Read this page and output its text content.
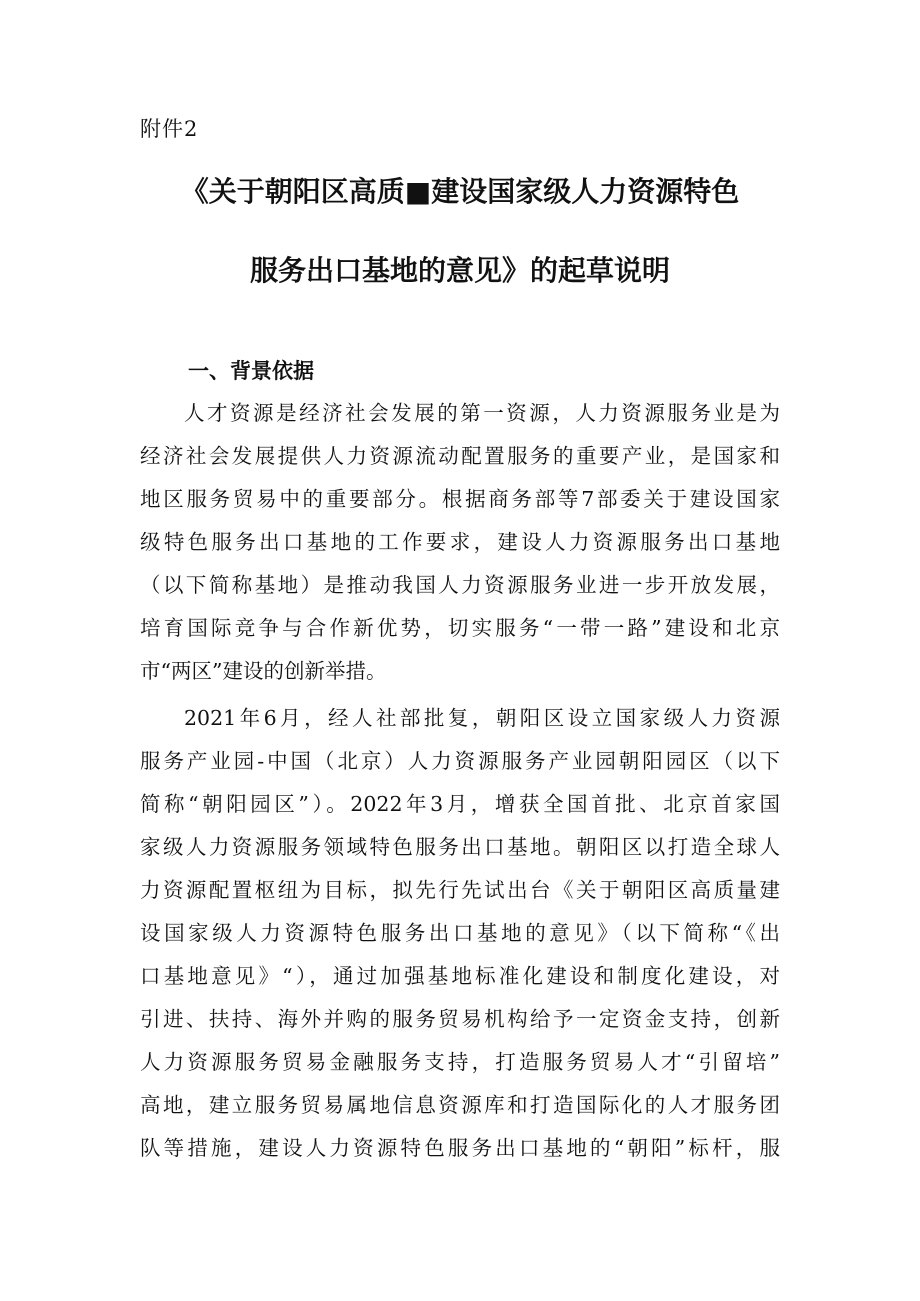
附件2
《关于朝阳区高质■建设国家级人力资源特色
服务出口基地的意见》的起草说明
一、背景依据
人才资源是经济社会发展的第一资源，人力资源服务业是为
经济社会发展提供人力资源流动配置服务的重要产业，是国家和
地区服务贸易中的重要部分。根据商务部等7部委关于建设国家
级特色服务出口基地的工作要求，建设人力资源服务出口基地
（以下简称基地）是推动我国人力资源服务业进一步开放发展，
培育国际竞争与合作新优势，切实服务“一带一路”建设和北京
市“两区”建设的创新举措。
2021年6月，经人社部批复，朝阳区设立国家级人力资源
服务产业园-中国（北京）人力资源服务产业园朝阳园区（以下
简称“朝阳园区”）。2022年3月，增获全国首批、北京首家国
家级人力资源服务领域特色服务出口基地。朝阳区以打造全球人
力资源配置枢纽为目标，拟先行先试出台《关于朝阳区高质量建
设国家级人力资源特色服务出口基地的意见》（以下简称“《出
口基地意见》“），通过加强基地标准化建设和制度化建设，对
引进、扶持、海外并购的服务贸易机构给予一定资金支持，创新
人力资源服务贸易金融服务支持，打造服务贸易人才“引留培”
高地，建立服务贸易属地信息资源库和打造国际化的人才服务团
队等措施，建设人力资源特色服务出口基地的“朝阳”标杆，服
